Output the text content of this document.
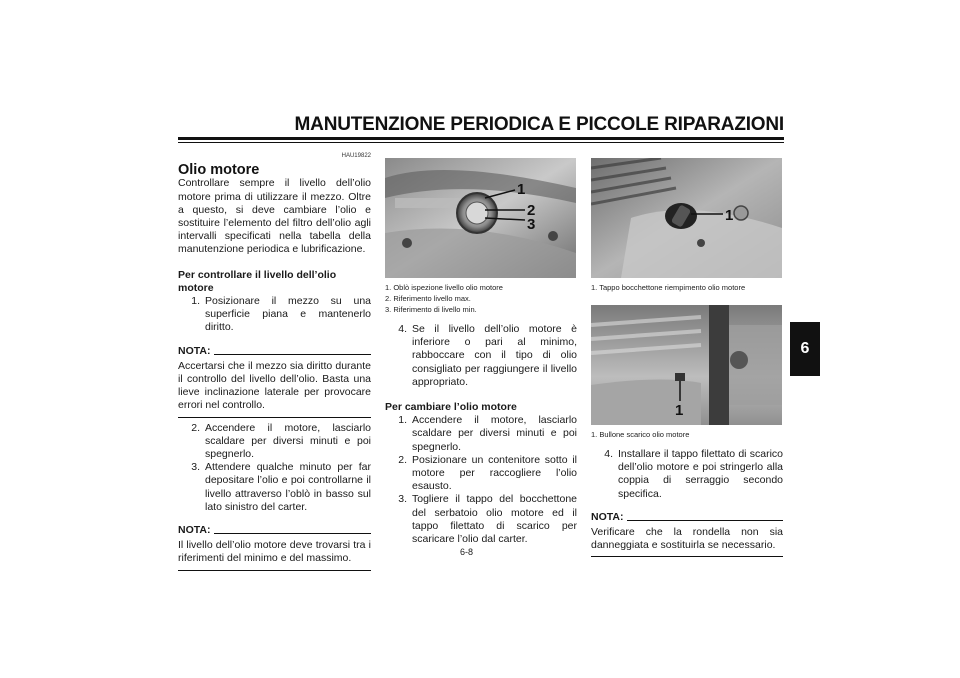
MANUTENZIONE PERIODICA E PICCOLE RIPARAZIONI
6
HAU19822
Olio motore
Controllare sempre il livello dell’olio motore prima di utilizzare il mezzo. Oltre a questo, si deve cambiare l’olio e sostituire l’elemento del filtro dell’olio agli intervalli specificati nella tabella della manutenzione periodica e lubrificazione.
Per controllare il livello dell’olio motore
1. Posizionare il mezzo su una superficie piana e mantenerlo diritto.
NOTA:
Accertarsi che il mezzo sia diritto durante il controllo del livello dell’olio. Basta una lieve inclinazione laterale per provocare errori nel controllo.
2. Accendere il motore, lasciarlo scaldare per diversi minuti e poi spegnerlo.
3. Attendere qualche minuto per far depositare l’olio e poi controllarne il livello attraverso l’oblò in basso sul lato sinistro del carter.
NOTA:
Il livello dell’olio motore deve trovarsi tra i riferimenti del minimo e del massimo.
1
2
3
1. Oblò ispezione livello olio motore
2. Riferimento livello max.
3. Riferimento di livello min.
4. Se il livello dell’olio motore è inferiore o pari al minimo, rabboccare con il tipo di olio consigliato per raggiungere il livello appropriato.
Per cambiare l’olio motore
1. Accendere il motore, lasciarlo scaldare per diversi minuti e poi spegnerlo.
2. Posizionare un contenitore sotto il motore per raccogliere l’olio esausto.
3. Togliere il tappo del bocchettone del serbatoio olio motore ed il tappo filettato di scarico per scaricare l’olio dal carter.
1
1. Tappo bocchettone riempimento olio motore
1
1. Bullone scarico olio motore
4. Installare il tappo filettato di scarico dell’olio motore e poi stringerlo alla coppia di serraggio secondo specifica.
NOTA:
Verificare che la rondella non sia danneggiata e sostituirla se necessario.
6-8
